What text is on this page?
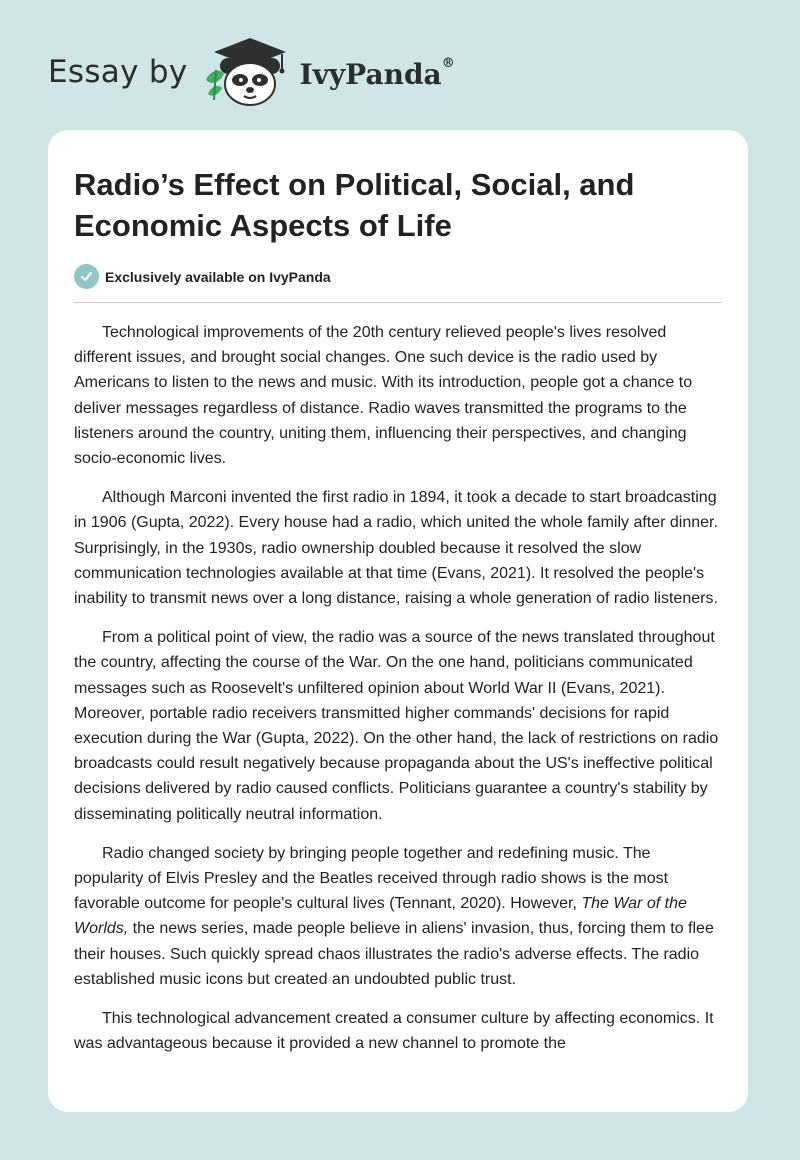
Essay by	IvyPanda®
Radio’s Effect on Political, Social, and Economic Aspects of Life
Exclusively available on IvyPanda

Technological improvements of the 20th century relieved people's lives resolved different issues, and brought social changes. One such device is the radio used by Americans to listen to the news and music. With its introduction, people got a chance to deliver messages regardless of distance. Radio waves transmitted the programs to the listeners around the country, uniting them, influencing their perspectives, and changing socio-economic lives.

Although Marconi invented the first radio in 1894, it took a decade to start broadcasting in 1906 (Gupta, 2022). Every house had a radio, which united the whole family after dinner. Surprisingly, in the 1930s, radio ownership doubled because it resolved the slow communication technologies available at that time (Evans, 2021). It resolved the people's inability to transmit news over a long distance, raising a whole generation of radio listeners.

From a political point of view, the radio was a source of the news translated throughout the country, affecting the course of the War. On the one hand, politicians communicated messages such as Roosevelt's unfiltered opinion about World War II (Evans, 2021). Moreover, portable radio receivers transmitted higher commands' decisions for rapid execution during the War (Gupta, 2022). On the other hand, the lack of restrictions on radio broadcasts could result negatively because propaganda about the US's ineffective political decisions delivered by radio caused conflicts. Politicians guarantee a country's stability by disseminating politically neutral information.

Radio changed society by bringing people together and redefining music. The popularity of Elvis Presley and the Beatles received through radio shows is the most favorable outcome for people's cultural lives (Tennant, 2020). However, The War of the Worlds, the news series, made people believe in aliens' invasion, thus, forcing them to flee their houses. Such quickly spread chaos illustrates the radio's adverse effects. The radio established music icons but created an undoubted public trust.

This technological advancement created a consumer culture by affecting economics. It was advantageous because it provided a new channel to promote the
